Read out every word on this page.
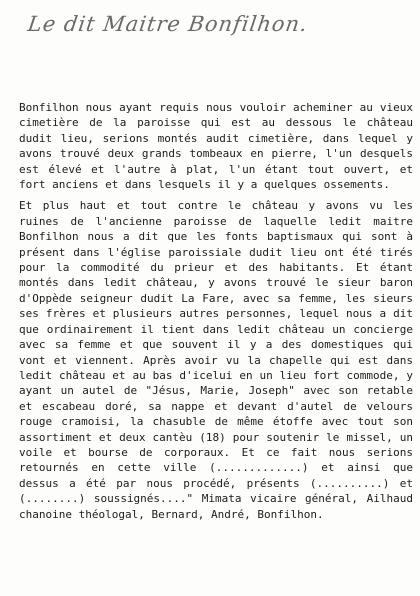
Le dit Maitre Bonfilhon.

Bonfilhon nous ayant requis nous vouloir acheminer au vieux cimetière de la paroisse qui est au dessous le château dudit lieu, serions montés audit cimetière, dans lequel y avons trouvé deux grands tombeaux en pierre, l'un desquels est élevé et l'autre à plat, l'un étant tout ouvert, et fort anciens et dans lesquels il y a quelques ossements.

Et plus haut et tout contre le château y avons vu les ruines de l'ancienne paroisse de laquelle ledit maitre Bonfilhon nous a dit que les fonts baptismaux qui sont à présent dans l'église paroissiale dudit lieu ont été tirés pour la commodité du prieur et des habitants. Et étant montés dans ledit château, y avons trouvé le sieur baron d'Oppède seigneur dudit La Fare, avec sa femme, les sieurs ses frères et plusieurs autres personnes, lequel nous a dit que ordinairement il tient dans ledit château un concierge avec sa femme et que souvent il y a des domestiques qui vont et viennent. Après avoir vu la chapelle qui est dans ledit château et au bas d'icelui en un lieu fort commode, y ayant un autel de "Jésus, Marie, Joseph" avec son retable et escabeau doré, sa nappe et devant d'autel de velours rouge cramoisi, la chasuble de même étoffe avec tout son assortiment et deux cantèu (18) pour soutenir le missel, un voile et bourse de corporaux. Et ce fait nous serions retournés en cette ville (.............) et ainsi que dessus a été par nous procédé, présents (..........) et (........) soussignés...." Mimata vicaire général, Ailhaud chanoine théologal, Bernard, André, Bonfilhon.
